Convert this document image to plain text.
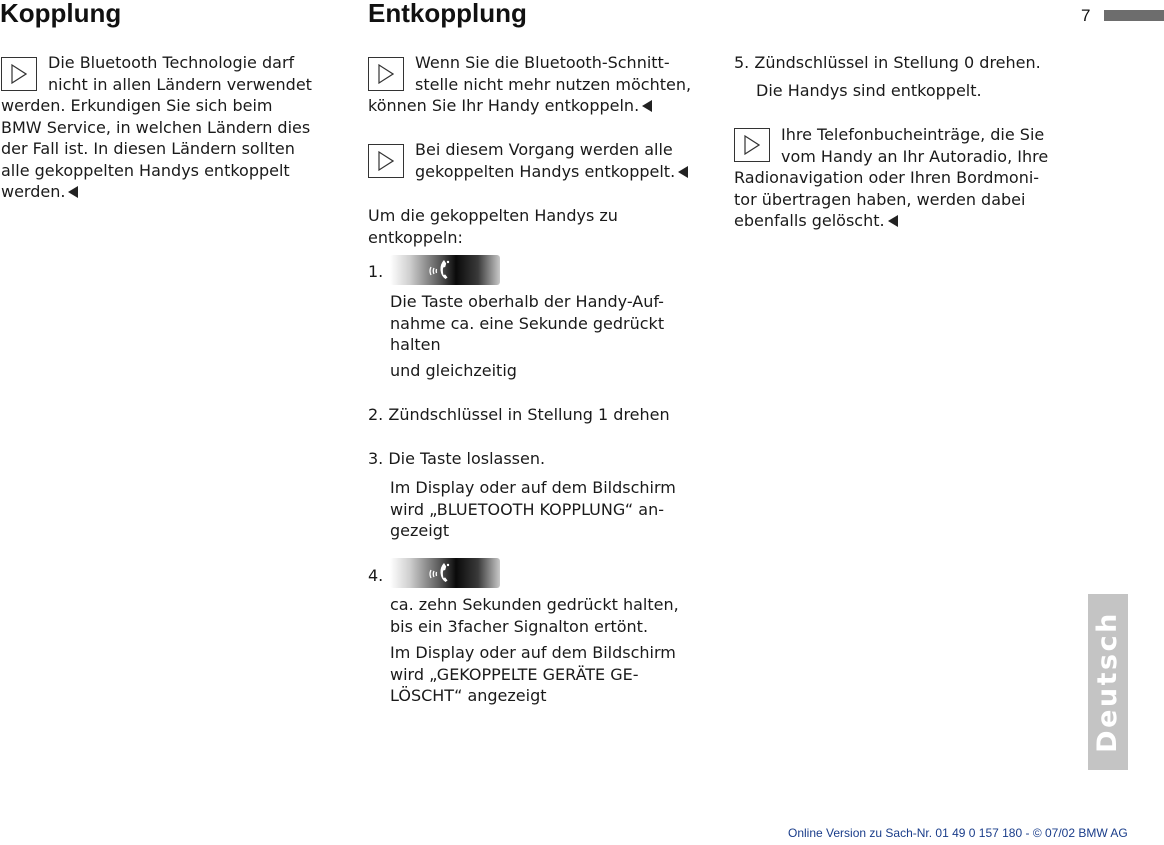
Kopplung	Entkopplung	7

Die Bluetooth Technologie darf

nicht in allen Ländern verwendet

werden. Erkundigen Sie sich beim

BMW Service, in welchen Ländern dies

der Fall ist. In diesen Ländern sollten

alle gekoppelten Handys entkoppelt

werden.

Wenn Sie die Bluetooth-Schnitt-

stelle nicht mehr nutzen möchten,

können Sie Ihr Handy entkoppeln.

Bei diesem Vorgang werden alle

gekoppelten Handys entkoppelt.

Um die gekoppelten Handys zu

entkoppeln:

1.

Die Taste oberhalb der Handy-Auf-

nahme ca. eine Sekunde gedrückt

halten

und gleichzeitig
2. Zündschlüssel in Stellung 1 drehen
3. Die Taste loslassen.

Im Display oder auf dem Bildschirm

wird „BLUETOOTH KOPPLUNG“ an-

gezeigt

4.

ca. zehn Sekunden gedrückt halten,

bis ein 3facher Signalton ertönt.

Im Display oder auf dem Bildschirm

wird „GEKOPPELTE GERÄTE GE-

LÖSCHT“ angezeigt

5. Zündschlüssel in Stellung 0 drehen.
Die Handys sind entkoppelt.

Ihre Telefonbucheinträge, die Sie

vom Handy an Ihr Autoradio, Ihre

Radionavigation oder Ihren Bordmoni-

tor übertragen haben, werden dabei

ebenfalls gelöscht.

Deutsch
Online Version zu Sach-Nr. 01 49 0 157 180 - © 07/02 BMW AG
